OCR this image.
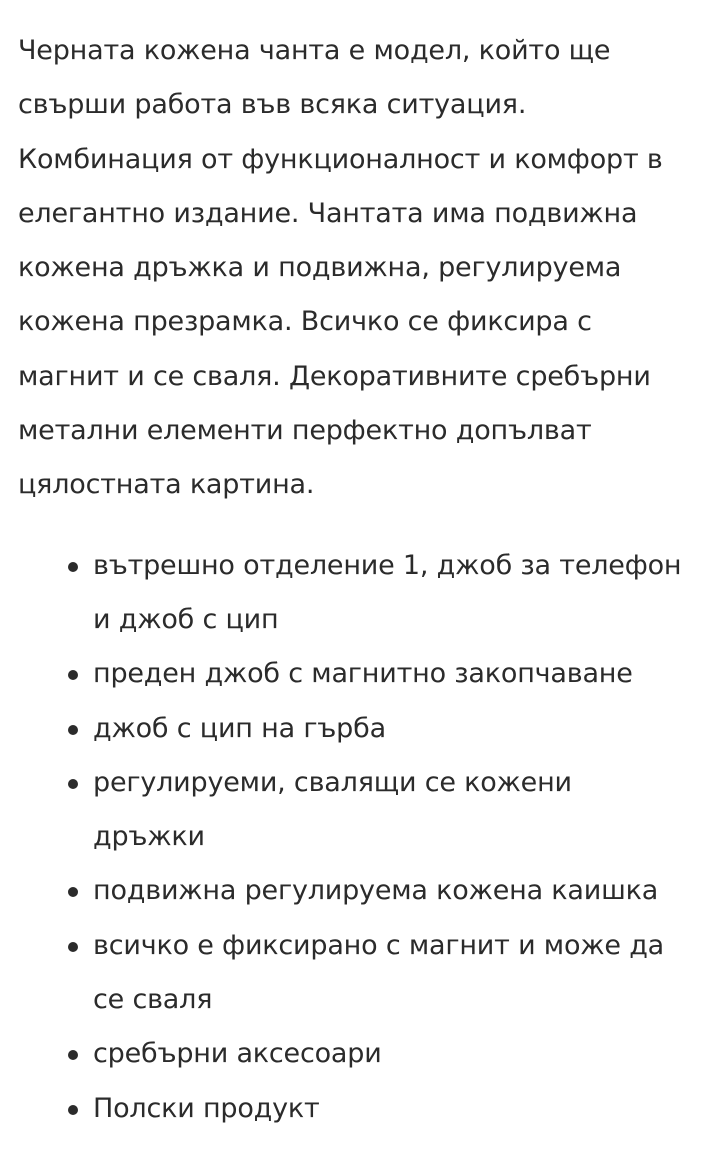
Черната кожена чанта е модел, който ще
свърши работа във всяка ситуация.
Комбинация от функционалност и комфорт в
елегантно издание. Чантата има подвижна
кожена дръжка и подвижна, регулируема
кожена презрамка. Всичко се фиксира с
магнит и се сваля. Декоративните сребърни
метални елементи перфектно допълват
цялостната картина.

вътрешно отделение 1, джоб за телефон
и джоб с цип
преден джоб с магнитно закопчаване
джоб с цип на гърба
регулируеми, свалящи се кожени
дръжки
подвижна регулируема кожена каишка
всичко е фиксирано с магнит и може да
се сваля
сребърни аксесоари
Полски продукт
